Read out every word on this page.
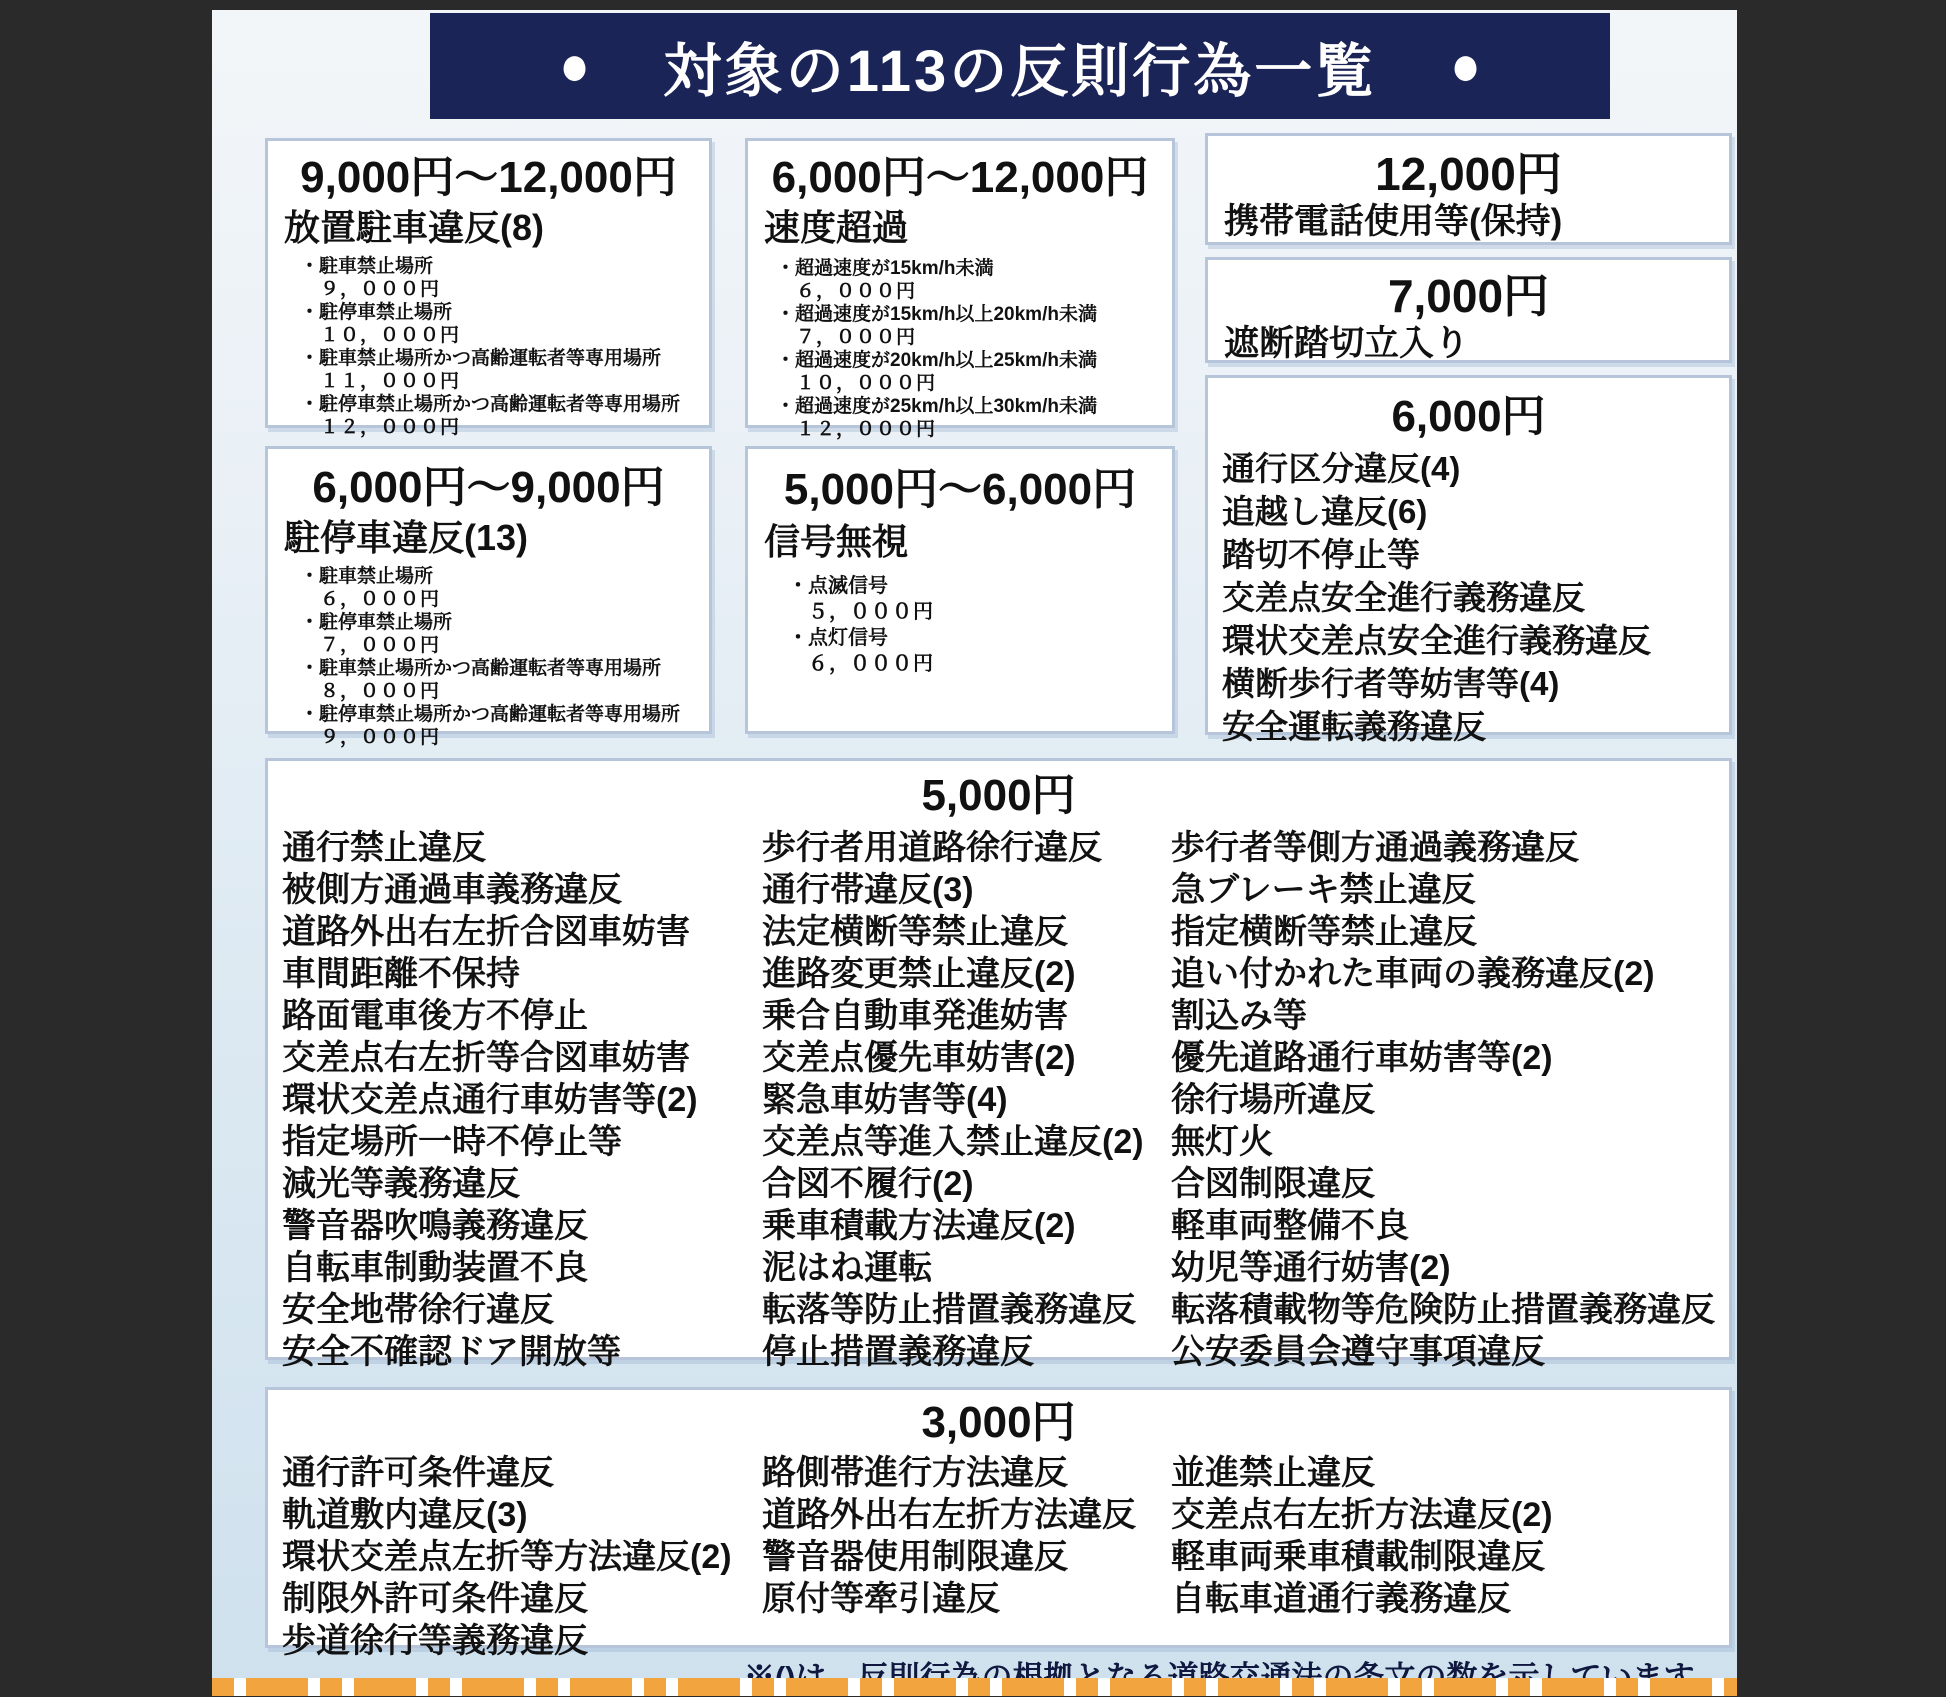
● 対象の113の反則行為一覧 ●
9,000円〜12,000円
放置駐車違反(8)
・駐車禁止場所
９，０００円
・駐停車禁止場所
１０，０００円
・駐車禁止場所かつ高齢運転者等専用場所
１１，０００円
・駐停車禁止場所かつ高齢運転者等専用場所
１２，０００円
6,000円〜12,000円
速度超過
・超過速度が15km/h未満
６，０００円
・超過速度が15km/h以上20km/h未満
７，０００円
・超過速度が20km/h以上25km/h未満
１０，０００円
・超過速度が25km/h以上30km/h未満
１２，０００円
12,000円
携帯電話使用等(保持)
7,000円
遮断踏切立入り
6,000円
通行区分違反(4)
追越し違反(6)
踏切不停止等
交差点安全進行義務違反
環状交差点安全進行義務違反
横断歩行者等妨害等(4)
安全運転義務違反
6,000円〜9,000円
駐停車違反(13)
・駐車禁止場所
６，０００円
・駐停車禁止場所
７，０００円
・駐車禁止場所かつ高齢運転者等専用場所
８，０００円
・駐停車禁止場所かつ高齢運転者等専用場所
９，０００円
5,000円〜6,000円
信号無視
・点滅信号
５，０００円
・点灯信号
６，０００円
5,000円
通行禁止違反
被側方通過車義務違反
道路外出右左折合図車妨害
車間距離不保持
路面電車後方不停止
交差点右左折等合図車妨害
環状交差点通行車妨害等(2)
指定場所一時不停止等
減光等義務違反
警音器吹鳴義務違反
自転車制動装置不良
安全地帯徐行違反
安全不確認ドア開放等
歩行者用道路徐行違反
通行帯違反(3)
法定横断等禁止違反
進路変更禁止違反(2)
乗合自動車発進妨害
交差点優先車妨害(2)
緊急車妨害等(4)
交差点等進入禁止違反(2)
合図不履行(2)
乗車積載方法違反(2)
泥はね運転
転落等防止措置義務違反
停止措置義務違反
歩行者等側方通過義務違反
急ブレーキ禁止違反
指定横断等禁止違反
追い付かれた車両の義務違反(2)
割込み等
優先道路通行車妨害等(2)
徐行場所違反
無灯火
合図制限違反
軽車両整備不良
幼児等通行妨害(2)
転落積載物等危険防止措置義務違反
公安委員会遵守事項違反
3,000円
通行許可条件違反
軌道敷内違反(3)
環状交差点左折等方法違反(2)
制限外許可条件違反
歩道徐行等義務違反
路側帯進行方法違反
道路外出右左折方法違反
警音器使用制限違反
原付等牽引違反
並進禁止違反
交差点右左折方法違反(2)
軽車両乗車積載制限違反
自転車道通行義務違反
